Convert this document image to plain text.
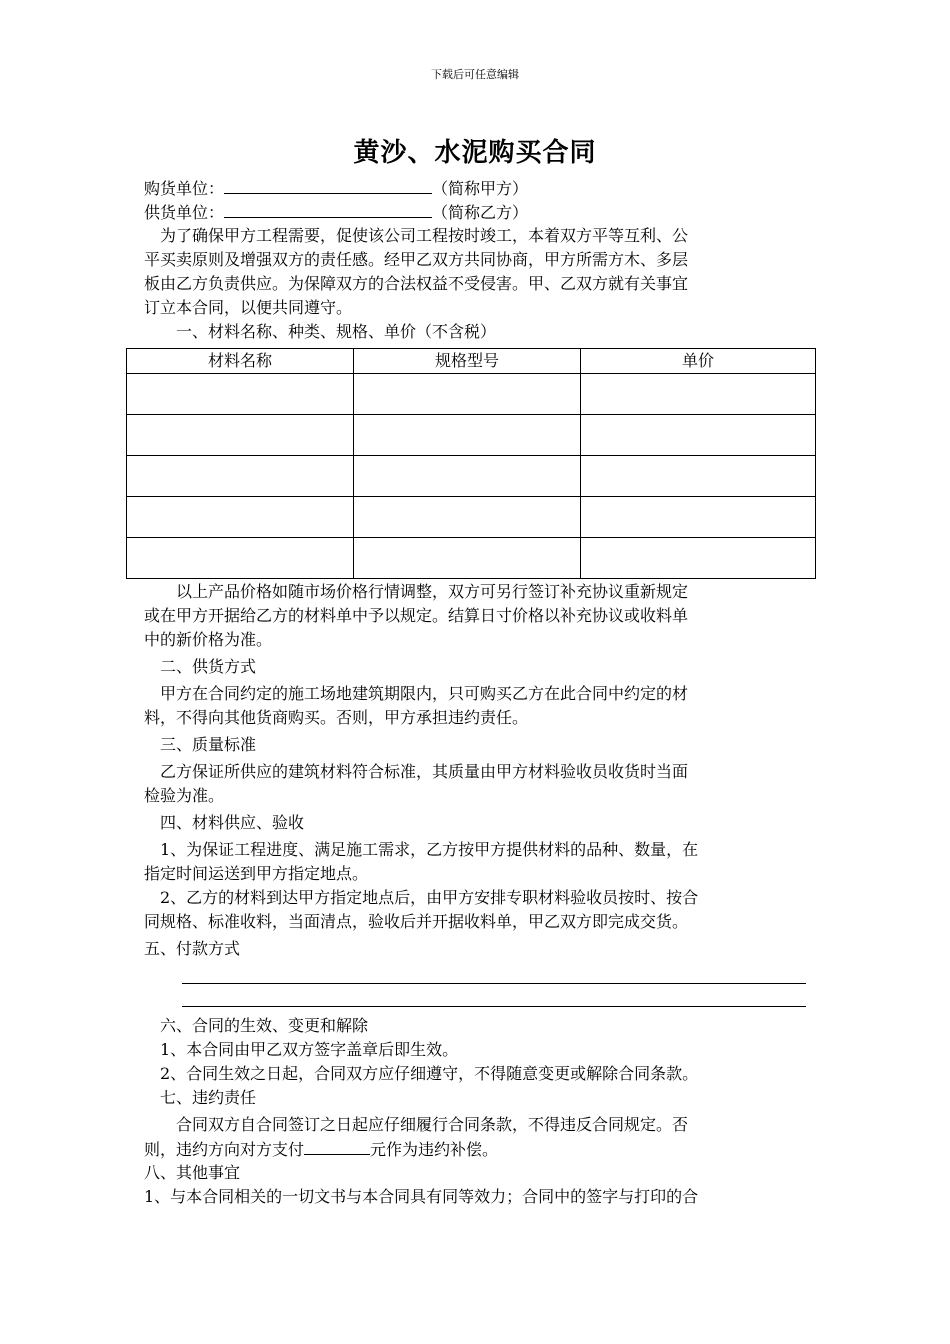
下载后可任意编辑
黄沙、水泥购买合同
购货单位：	（简称甲方）
供货单位：	（简称乙方）
　为了确保甲方工程需要，促使该公司工程按时竣工，本着双方平等互利、公
平买卖原则及增强双方的责任感。经甲乙双方共同协商，甲方所需方木、多层
板由乙方负责供应。为保障双方的合法权益不受侵害。甲、乙双方就有关事宜
订立本合同，以便共同遵守。
　　一、材料名称、种类、规格、单价（不含税）
材料名称	规格型号	单价

　　以上产品价格如随市场价格行情调整，双方可另行签订补充协议重新规定
或在甲方开据给乙方的材料单中予以规定。结算日寸价格以补充协议或收料单
中的新价格为准。
　二、供货方式
　甲方在合同约定的施工场地建筑期限内，只可购买乙方在此合同中约定的材
料，不得向其他货商购买。否则，甲方承担违约责任。
　三、质量标准
　乙方保证所供应的建筑材料符合标准，其质量由甲方材料验收员收货时当面
检验为准。
　四、材料供应、验收
　1、为保证工程进度、满足施工需求，乙方按甲方提供材料的品种、数量，在
指定时间运送到甲方指定地点。
　2、乙方的材料到达甲方指定地点后，由甲方安排专职材料验收员按时、按合
同规格、标准收料，当面清点，验收后并开据收料单，甲乙双方即完成交货。
五、付款方式
　六、合同的生效、变更和解除
　1、本合同由甲乙双方签字盖章后即生效。
　2、合同生效之日起，合同双方应仔细遵守，不得随意变更或解除合同条款。
　七、违约责任
　　合同双方自合同签订之日起应仔细履行合同条款，不得违反合同规定。否
则，违约方向对方支付	元作为违约补偿。
八、其他事宜
1、与本合同相关的一切文书与本合同具有同等效力；合同中的签字与打印的合
